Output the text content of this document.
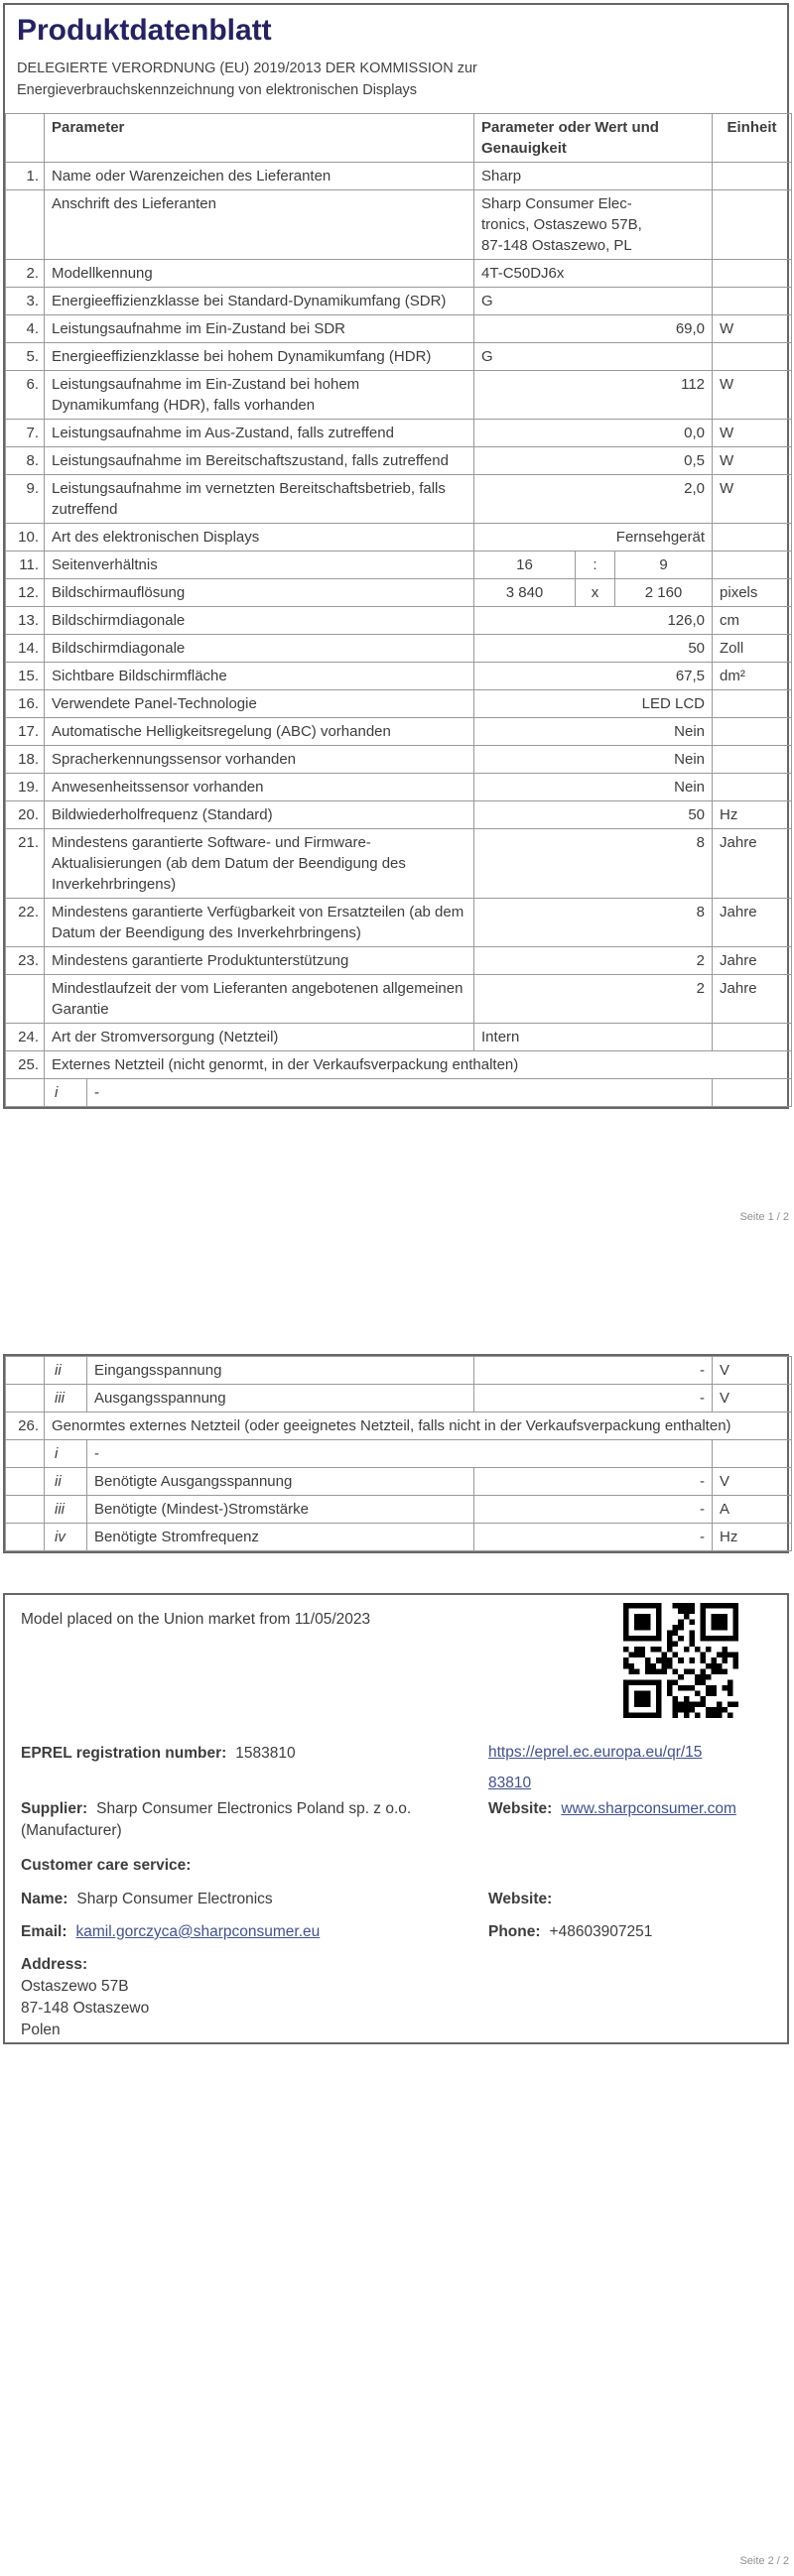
Produktdatenblatt
DELEGIERTE VERORDNUNG (EU) 2019/2013 DER KOMMISSION zur
Energieverbrauchskennzeichnung von elektronischen Displays
	Parameter		Parameter oder Wert und Genauigkeit			Einheit
1.	Name oder Warenzeichen des Lieferanten		Sharp			
	Anschrift des Lieferanten		Sharp Consumer Elec-
tronics, Ostaszewo 57B,
87-148 Ostaszewo, PL			

2.	Modellkennung		4T-C50DJ6x			
3.	Energieeffizienzklasse bei Standard-Dynamikumfang (SDR)		G			
4.	Leistungsaufnahme im Ein-Zustand bei SDR		69,0			W
5.	Energieeffizienzklasse bei hohem Dynamikumfang (HDR)		G			
6.	Leistungsaufnahme im Ein-Zustand bei hohem Dynamikumfang (HDR), falls vorhanden		112			W
7.	Leistungsaufnahme im Aus-Zustand, falls zutreffend		0,0			W
8.	Leistungsaufnahme im Bereitschaftszustand, falls zutreffend		0,5			W
9.	Leistungsaufnahme im vernetzten Bereitschaftsbetrieb, falls zutreffend		2,0			W
10.	Art des elektronischen Displays		Fernsehgerät			
11.	Seitenverhältnis		16	:	9	
12.	Bildschirmauflösung		3 840	x	2 160	pixels
13.	Bildschirmdiagonale		126,0			cm
14.	Bildschirmdiagonale		50			Zoll
15.	Sichtbare Bildschirmfläche		67,5			dm²
16.	Verwendete Panel-Technologie		LED LCD			
17.	Automatische Helligkeitsregelung (ABC) vorhanden		Nein			
18.	Spracherkennungssensor vorhanden		Nein			
19.	Anwesenheitssensor vorhanden		Nein			
20.	Bildwiederholfrequenz (Standard)		50			Hz
21.	Mindestens garantierte Software- und Firmware-Aktualisierungen (ab dem Datum der Beendigung des Inverkehrbringens)		8			Jahre
22.	Mindestens garantierte Verfügbarkeit von Ersatzteilen (ab dem Datum der Beendigung des Inverkehrbringens)		8			Jahre
23.	Mindestens garantierte Produktunterstützung		2			Jahre
	Mindestlaufzeit der vom Lieferanten angebotenen allgemeinen Garantie		2			Jahre
24.	Art der Stromversorgung (Netzteil)		Intern			
25.	Externes Netzteil (nicht genormt, in der Verkaufsverpackung enthalten)					
	i	-				
Seite 1 / 2
	ii	Eingangsspannung	-	V
	iii	Ausgangsspannung	-	V
26.	Genormtes externes Netzteil (oder geeignetes Netzteil, falls nicht in der Verkaufsverpackung enthalten)			
	i	-		
	ii	Benötigte Ausgangsspannung	-	V
	iii	Benötigte (Mindest-)Stromstärke	-	A
	iv	Benötigte Stromfrequenz	-	Hz
Model placed on the Union market from 11/05/2023
EPREL registration number: 1583810	https://eprel.ec.europa.eu/qr/15
83810
Supplier: Sharp Consumer Electronics Poland sp. z o.o.
(Manufacturer)
Website: www.sharpconsumer.com
Customer care service:
Name: Sharp Consumer Electronics	Website:
Email: kamil.gorczyca@sharpconsumer.eu	Phone: +48603907251
Address:
Ostaszewo 57B
87-148 Ostaszewo
Polen
Seite 2 / 2
